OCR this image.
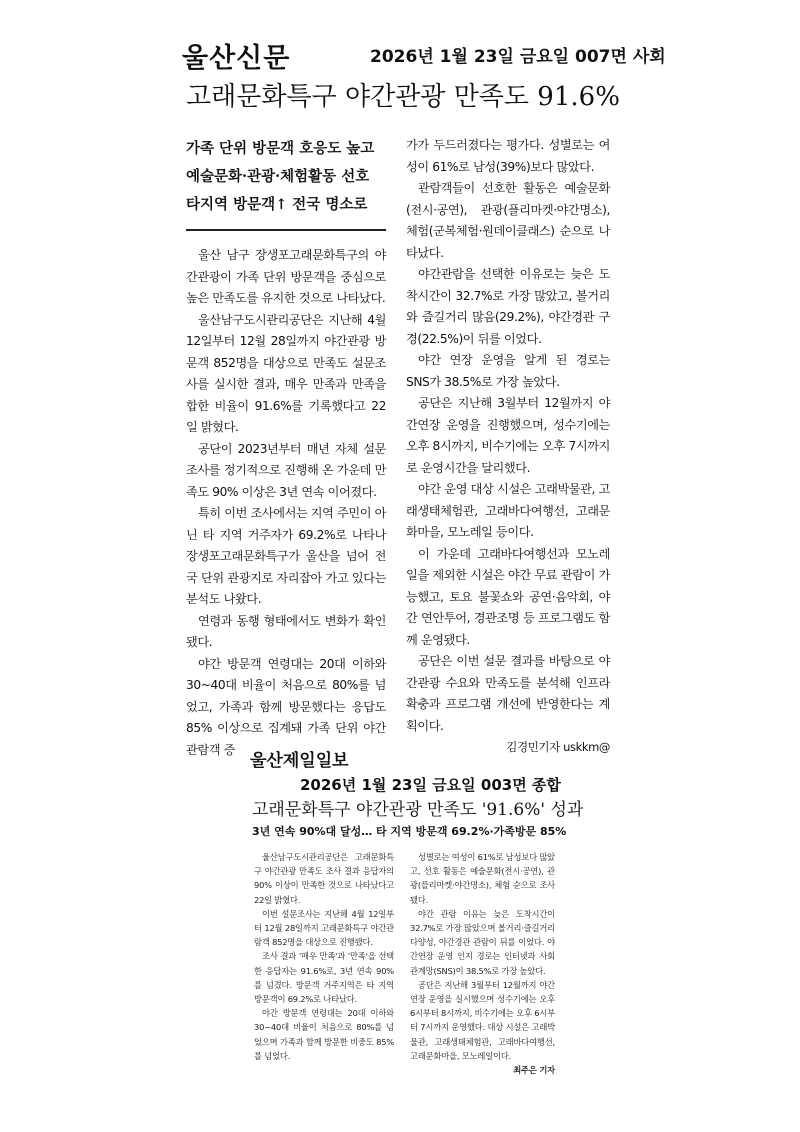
울산신문	2026년 1월 23일 금요일 007면 사회
고래문화특구 야간관광 만족도 91.6%

가족 단위 방문객 호응도 높고

예술문화·관광·체험활동 선호

타지역 방문객↑ 전국 명소로

울산 남구 장생포고래문화특구의 야간관광이 가족 단위 방문객을 중심으로 높은 만족도를 유지한 것으로 나타났다.

울산남구도시관리공단은 지난해 4월 12일부터 12월 28일까지 야간관광 방문객 852명을 대상으로 만족도 설문조사를 실시한 결과, 매우 만족과 만족을 합한 비율이 91.6%를 기록했다고 22일 밝혔다.

공단이 2023년부터 매년 자체 설문조사를 정기적으로 진행해 온 가운데 만족도 90% 이상은 3년 연속 이어졌다.

특히 이번 조사에서는 지역 주민이 아닌 타 지역 거주자가 69.2%로 나타나 장생포고래문화특구가 울산을 넘어 전국 단위 관광지로 자리잡아 가고 있다는 분석도 나왔다.

연령과 동행 형태에서도 변화가 확인됐다.

야간 방문객 연령대는 20대 이하와 30~40대 비율이 처음으로 80%를 넘었고, 가족과 함께 방문했다는 응답도 85% 이상으로 집계돼 가족 단위 야간 관람객 증

가가 두드러졌다는 평가다. 성별로는 여성이 61%로 남성(39%)보다 많았다.

관람객들이 선호한 활동은 예술문화(전시·공연), 관광(플리마켓·야간명소), 체험(군복체험·원데이클래스) 순으로 나타났다.

야간관람을 선택한 이유로는 늦은 도착시간이 32.7%로 가장 많았고, 볼거리와 즐길거리 많음(29.2%), 야간경관 구경(22.5%)이 뒤를 이었다.

야간 연장 운영을 알게 된 경로는 SNS가 38.5%로 가장 높았다.

공단은 지난해 3월부터 12월까지 야간연장 운영을 진행했으며, 성수기에는 오후 8시까지, 비수기에는 오후 7시까지로 운영시간을 달리했다.

야간 운영 대상 시설은 고래박물관, 고래생태체험관, 고래바다여행선, 고래문화마을, 모노레일 등이다.

이 가운데 고래바다여행선과 모노레일을 제외한 시설은 야간 무료 관람이 가능했고, 토요 불꽃쇼와 공연·음악회, 야간 연안투어, 경관조명 등 프로그램도 함께 운영됐다.

공단은 이번 설문 결과를 바탕으로 야간관광 수요와 만족도를 분석해 인프라 확충과 프로그램 개선에 반영한다는 계획이다.

김경민기자 uskkm@
울산제일일보
2026년 1월 23일 금요일 003면 종합
고래문화특구 야간관광 만족도 '91.6%' 성과
3년 연속 90%대 달성… 타 지역 방문객 69.2%·가족방문 85%

울산남구도시관리공단은 고래문화특구 야간관광 만족도 조사 결과 응답자의 90% 이상이 만족한 것으로 나타났다고 22일 밝혔다.

이번 설문조사는 지난해 4월 12일부터 12월 28일까지 고래문화특구 야간관람객 852명을 대상으로 진행됐다.

조사 결과 '매우 만족'과 '만족'을 선택한 응답자는 91.6%로, 3년 연속 90%를 넘겼다. 방문객 거주지역은 타 지역 방문객이 69.2%로 나타났다.

야간 방문객 연령대는 20대 이하와 30~40대 비율이 처음으로 80%를 넘었으며 가족과 함께 방문한 비중도 85%를 넘었다.

성별로는 여성이 61%로 남성보다 많았고, 선호 활동은 예술문화(전시·공연), 관광(플리마켓·야간명소), 체험 순으로 조사됐다.

야간 관람 이유는 늦은 도착시간이 32.7%로 가장 많았으며 볼거리·즐길거리 다양성, 야간경관 관람이 뒤를 이었다. 야간연장 운영 인지 경로는 인터넷과 사회관계망(SNS)이 38.5%로 가장 높았다.

공단은 지난해 3월부터 12월까지 야간연장 운영을 실시했으며 성수기에는 오후 6시부터 8시까지, 비수기에는 오후 6시부터 7시까지 운영했다. 대상 시설은 고래박물관, 고래생태체험관, 고래바다여행선, 고래문화마을, 모노레일이다.

최주은 기자
